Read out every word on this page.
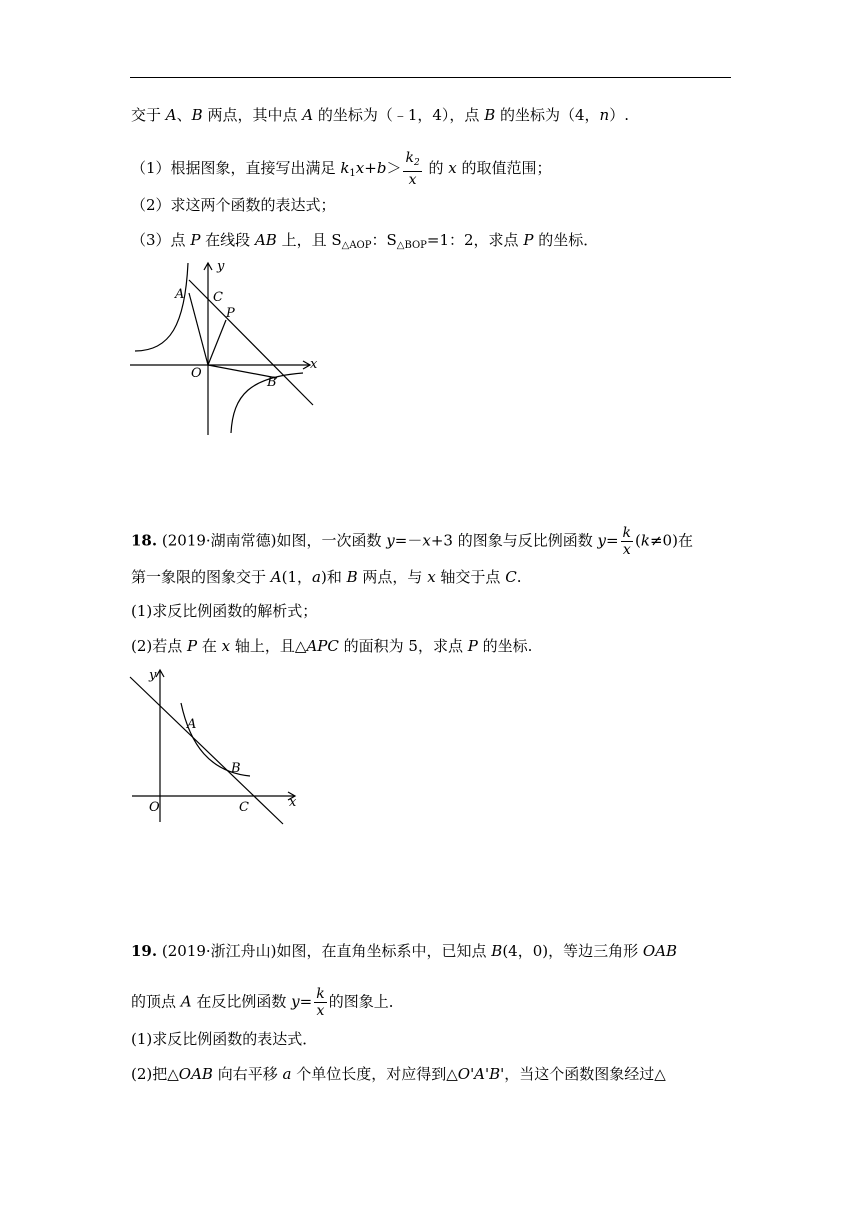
交于 A、B 两点，其中点 A 的坐标为（﹣1，4），点 B 的坐标为（4，n）.
（1）根据图象，直接写出满足 $k_1x+b> \frac{k_2}{x}$ 的 x 的取值范围；
（2）求这两个函数的表达式；
（3）点 P 在线段 AB 上，且 $S_{\triangle AOP}$：$S_{\triangle BOP}=1$：2，求点 P 的坐标．
A C
P
y
x
O
B
18. (2019·湖南常德)如图，一次函数 y=－x+3 的图象与反比例函数 $y= \frac{k}{x} (k\ne 0)$在
第一象限的图象交于 A(1，a)和 B 两点，与 x 轴交于点 C.
(1)求反比例函数的解析式；
(2)若点 P 在 x 轴上，且△APC 的面积为 5，求点 P 的坐标.
y
A
B
O	C	x
19. (2019·浙江舟山)如图，在直角坐标系中，已知点 B(4，0)，等边三角形 OAB
的顶点 A 在反比例函数 $y= \frac{k}{x}$ 的图象上．
(1)求反比例函数的表达式．
(2)把△OAB 向右平移 a 个单位长度，对应得到△O'A'B'，当这个函数图象经过△
